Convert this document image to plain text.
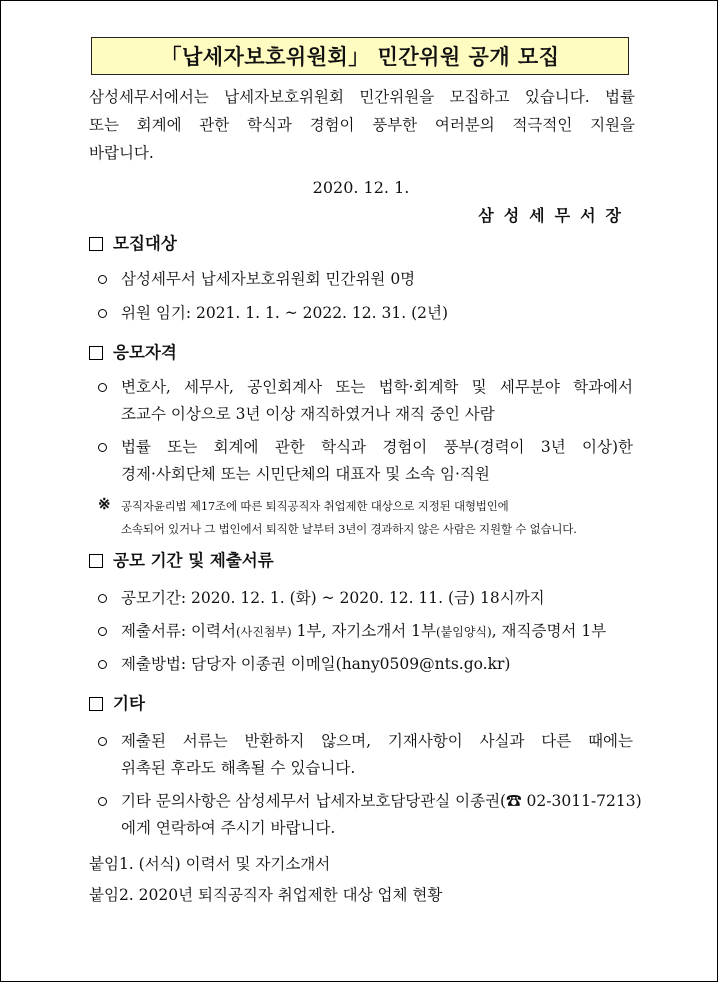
「납세자보호위원회」 민간위원 공개 모집
삼성세무서에서는 납세자보호위원회 민간위원을 모집하고 있습니다. 법률
또는 회계에 관한 학식과 경험이 풍부한 여러분의 적극적인 지원을
바랍니다.
2020. 12. 1.
삼성세무서장
모집대상
삼성세무서 납세자보호위원회 민간위원 0명
위원 임기: 2021. 1. 1. ~ 2022. 12. 31. (2년)
응모자격
변호사, 세무사, 공인회계사 또는 법학·회계학 및 세무분야 학과에서
조교수 이상으로 3년 이상 재직하였거나 재직 중인 사람
법률 또는 회계에 관한 학식과 경험이 풍부(경력이 3년 이상)한
경제·사회단체 또는 시민단체의 대표자 및 소속 임·직원
※ 공직자윤리법 제17조에 따른 퇴직공직자 취업제한 대상으로 지정된 대형법인에
소속되어 있거나 그 법인에서 퇴직한 날부터 3년이 경과하지 않은 사람은 지원할 수 없습니다.
공모 기간 및 제출서류
공모기간: 2020. 12. 1. (화) ~ 2020. 12. 11. (금) 18시까지
제출서류: 이력서(사진첨부) 1부, 자기소개서 1부(붙임양식), 재직증명서 1부
제출방법: 담당자 이종권 이메일(hany0509@nts.go.kr)
기타
제출된 서류는 반환하지 않으며, 기재사항이 사실과 다른 때에는
위촉된 후라도 해촉될 수 있습니다.
기타 문의사항은 삼성세무서 납세자보호담당관실 이종권(☎ 02-3011-7213)
에게 연락하여 주시기 바랍니다.
붙임1. (서식) 이력서 및 자기소개서
붙임2. 2020년 퇴직공직자 취업제한 대상 업체 현황
